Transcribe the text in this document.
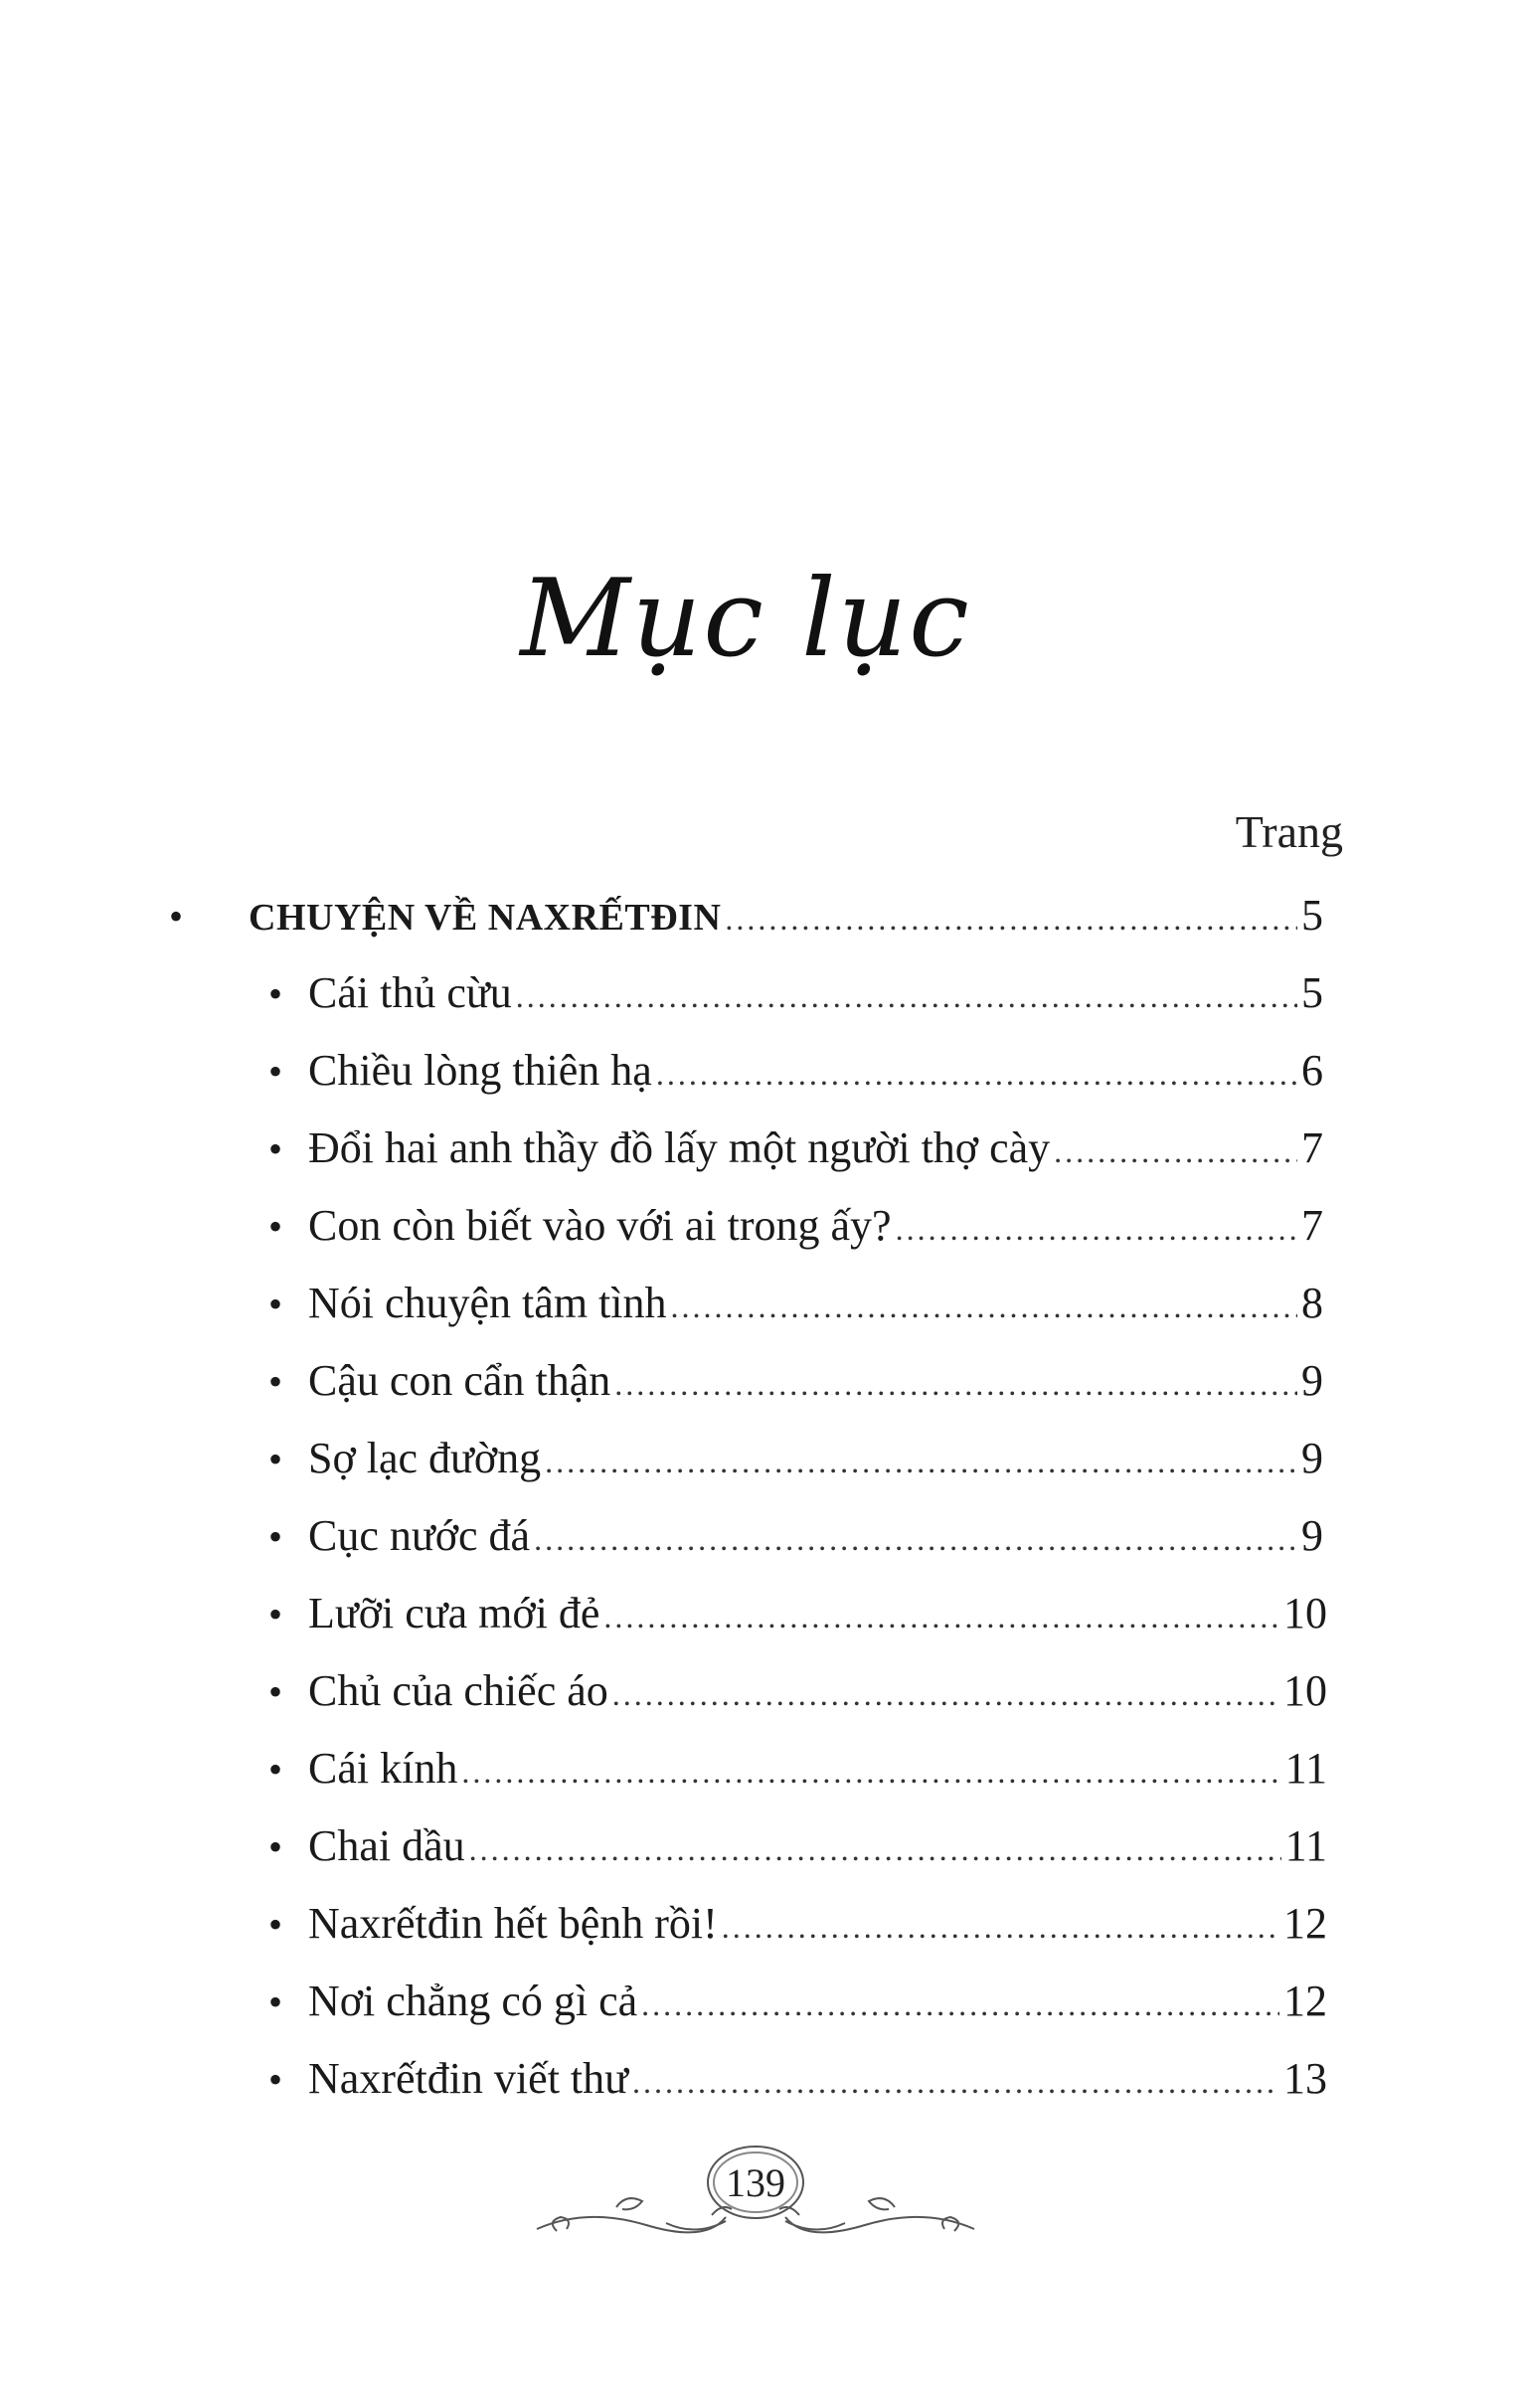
Mục lục
Trang
•	CHUYỆN VỀ NAXRẾTĐIN .....	5
• Cái thủ cừu .....	5
• Chiều lòng thiên hạ .....	6
• Đổi hai anh thầy đồ lấy một người thợ cày .....	7
• Con còn biết vào với ai trong ấy? .....	7
• Nói chuyện tâm tình .....	8
• Cậu con cẩn thận .....	9
• Sợ lạc đường .....	9
• Cục nước đá .....	9
• Lưỡi cưa mới đẻ .....	10
• Chủ của chiếc áo .....	10
• Cái kính .....	11
• Chai dầu .....	11
• Naxrếtđin hết bệnh rồi! .....	12
• Nơi chẳng có gì cả .....	12
• Naxrếtđin viết thư .....	13
139
